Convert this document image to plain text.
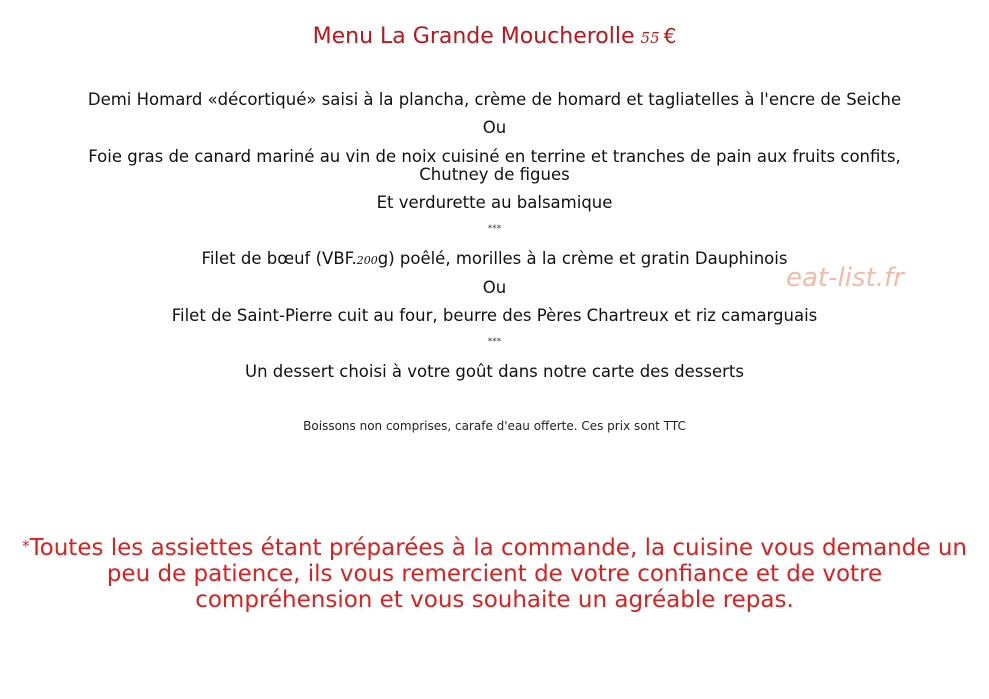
Menu La Grande Moucherolle 55 €
Demi Homard «décortiqué» saisi à la plancha, crème de homard et tagliatelles à l'encre de Seiche
Ou
Foie gras de canard mariné au vin de noix cuisiné en terrine et tranches de pain aux fruits confits,
Chutney de figues
Et verdurette au balsamique
***
Filet de bœuf (VBF.200g) poêlé, morilles à la crème et gratin Dauphinois
eat-list.fr
Ou
Filet de Saint-Pierre cuit au four, beurre des Pères Chartreux et riz camarguais
***
Un dessert choisi à votre goût dans notre carte des desserts
Boissons non comprises, carafe d'eau offerte. Ces prix sont TTC
*Toutes les assiettes étant préparées à la commande, la cuisine vous demande un peu de patience, ils vous remercient de votre confiance et de votre compréhension et vous souhaite un agréable repas.
